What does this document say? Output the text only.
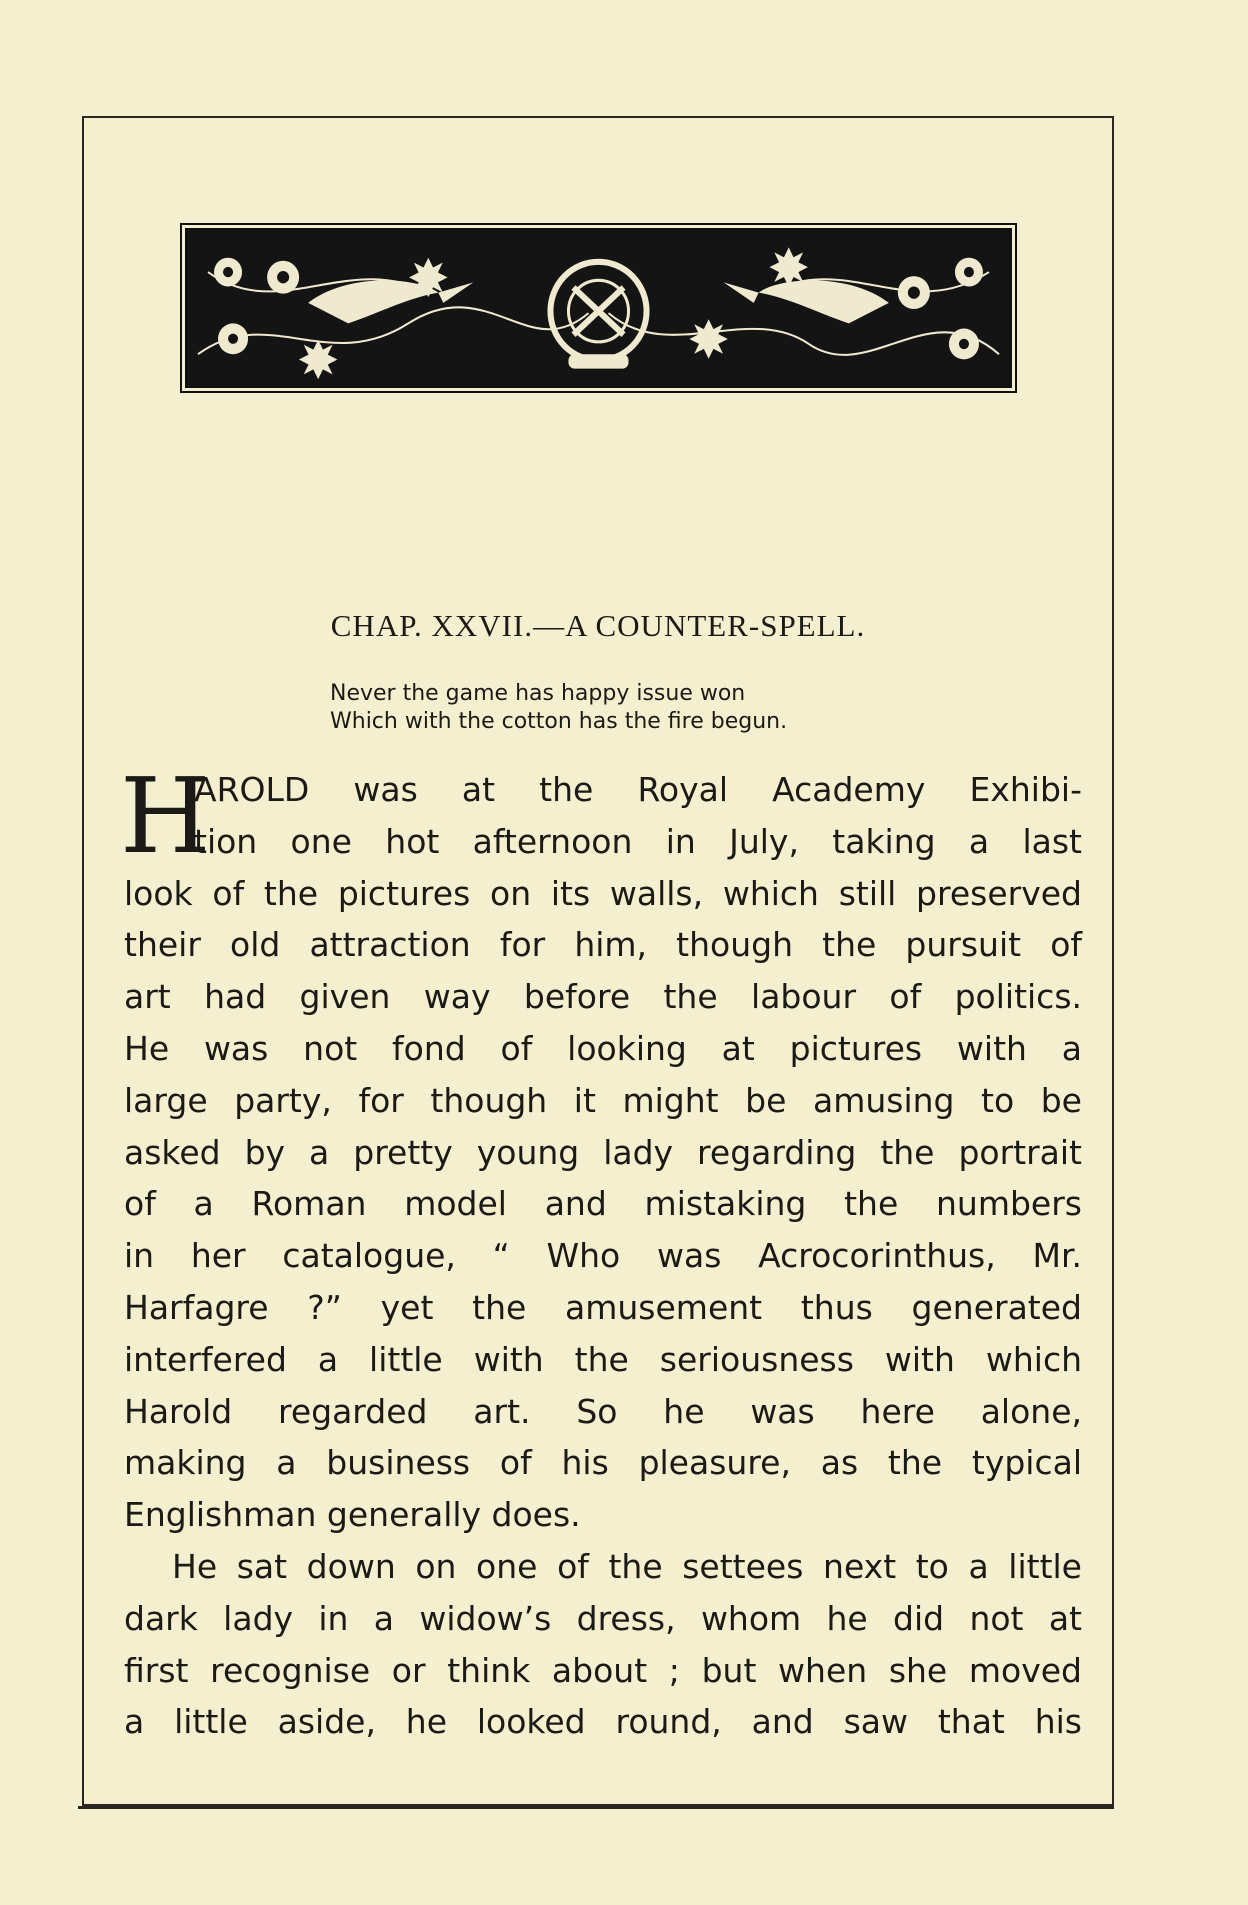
CHAP. XXVII.—A COUNTER-SPELL.
Never the game has happy issue won
Which with the cotton has the fire begun.
H
AROLD was at the Royal Academy Exhibi-
tion one hot afternoon in July, taking a last
look of the pictures on its walls, which still preserved
their old attraction for him, though the pursuit of
art had given way before the labour of politics.
He was not fond of looking at pictures with a
large party, for though it might be amusing to be
asked by a pretty young lady regarding the portrait
of a Roman model and mistaking the numbers
in her catalogue, “ Who was Acrocorinthus, Mr.
Harfagre ?” yet the amusement thus generated
interfered a little with the seriousness with which
Harold regarded art. So he was here alone,
making a business of his pleasure, as the typical
Englishman generally does.
He sat down on one of the settees next to a little
dark lady in a widow’s dress, whom he did not at
first recognise or think about ; but when she moved
a little aside, he looked round, and saw that his
